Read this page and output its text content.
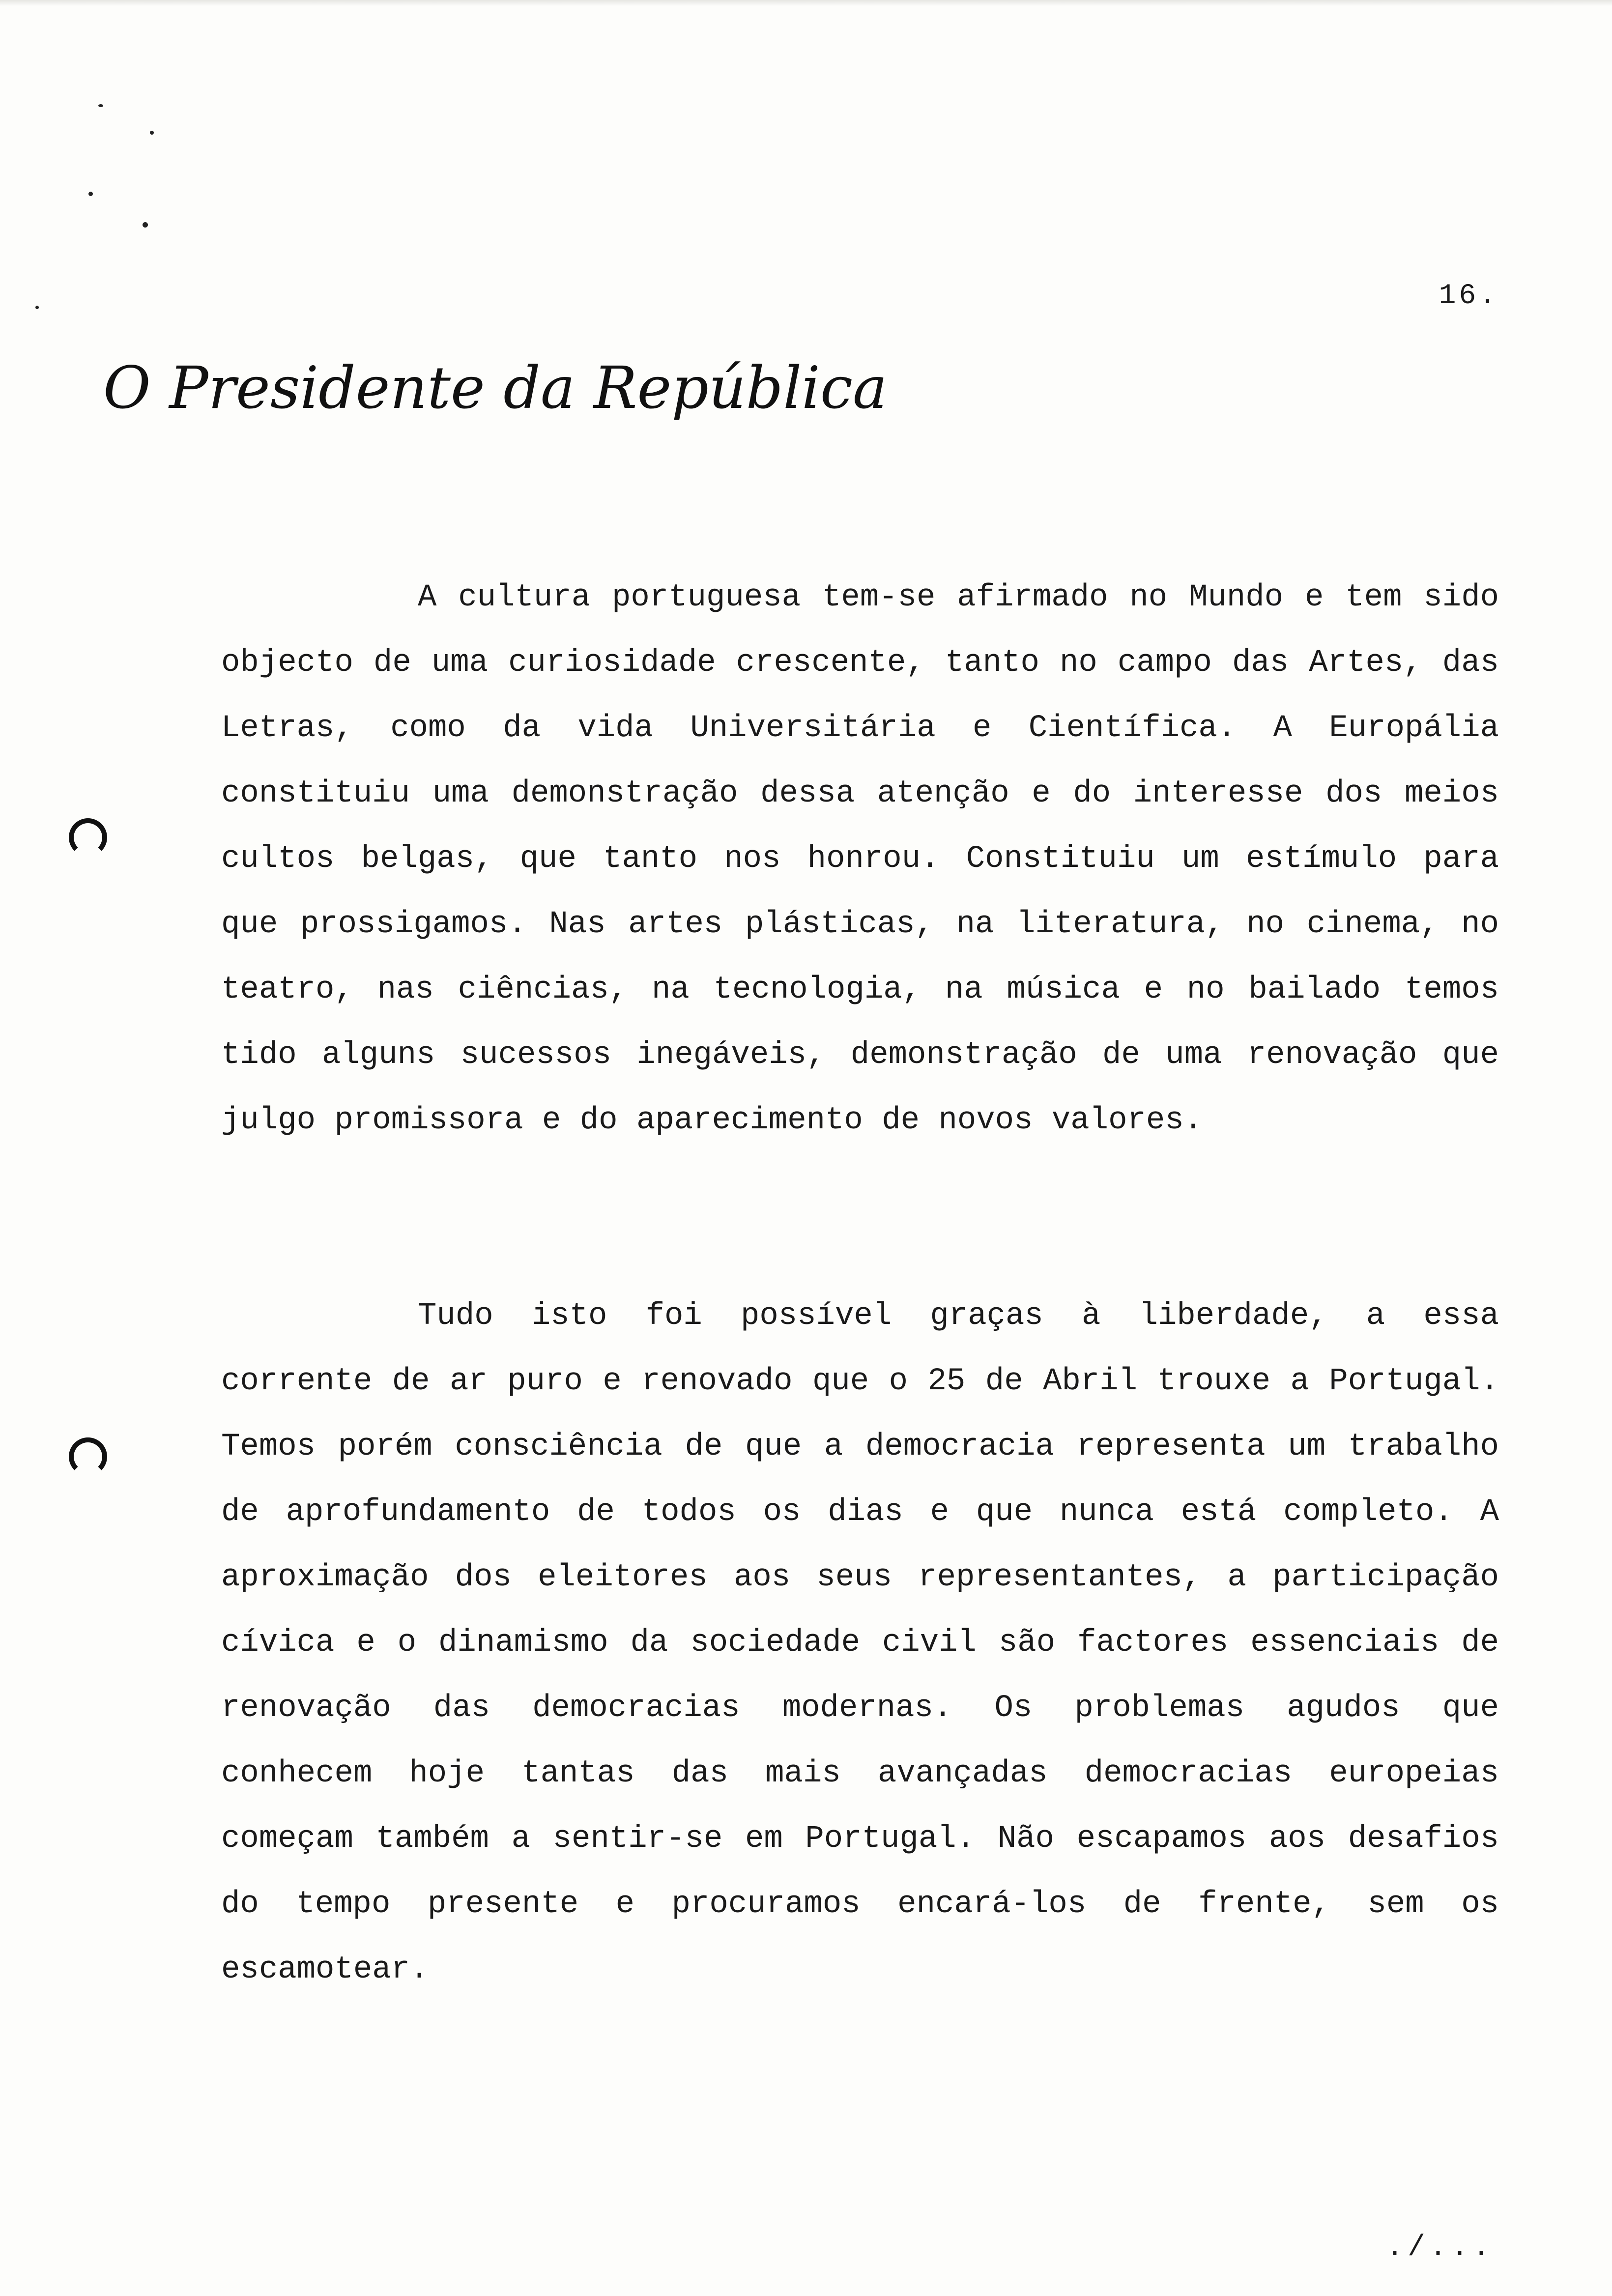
16.

O Presidente da República

A cultura portuguesa tem-se afirmado no Mundo e tem sido objecto de uma curiosidade crescente, tanto no campo das Artes, das Letras, como da vida Universitária e Científica. A Europália constituiu uma demonstração dessa atenção e do interesse dos meios cultos belgas, que tanto nos honrou. Constituiu um estímulo para que prossigamos. Nas artes plásticas, na literatura, no cinema, no teatro, nas ciências, na tecnologia, na música e no bailado temos tido alguns sucessos inegáveis, demonstração de uma renovação que julgo promissora e do aparecimento de novos valores.

Tudo isto foi possível graças à liberdade, a essa corrente de ar puro e renovado que o 25 de Abril trouxe a Portugal. Temos porém consciência de que a democracia representa um trabalho de aprofundamento de todos os dias e que nunca está completo. A aproximação dos eleitores aos seus representantes, a participação cívica e o dinamismo da sociedade civil são factores essenciais de renovação das democracias modernas. Os problemas agudos que conhecem hoje tantas das mais avançadas democracias europeias começam também a sentir-se em Portugal. Não escapamos aos desafios do tempo presente e procuramos encará-los de frente, sem os escamotear.

./...
